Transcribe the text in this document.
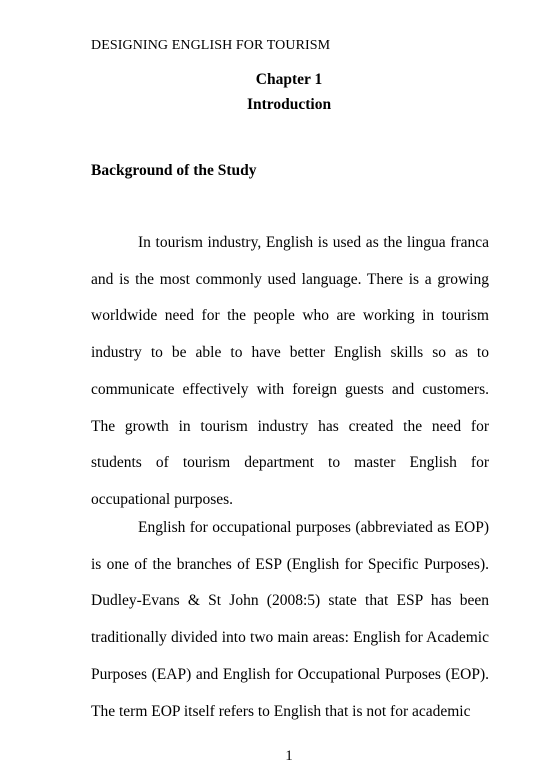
DESIGNING ENGLISH FOR TOURISM
Chapter 1
Introduction
Background of the Study

In tourism industry, English is used as the lingua franca and is the most commonly used language. There is a growing worldwide need for the people who are working in tourism industry to be able to have better English skills so as to communicate effectively with foreign guests and customers. The growth in tourism industry has created the need for students of tourism department to master English for occupational purposes.

English for occupational purposes (abbreviated as EOP) is one of the branches of ESP (English for Specific Purposes). Dudley-Evans & St John (2008:5) state that ESP has been traditionally divided into two main areas: English for Academic Purposes (EAP) and English for Occupational Purposes (EOP). The term EOP itself refers to English that is not for academic

1
